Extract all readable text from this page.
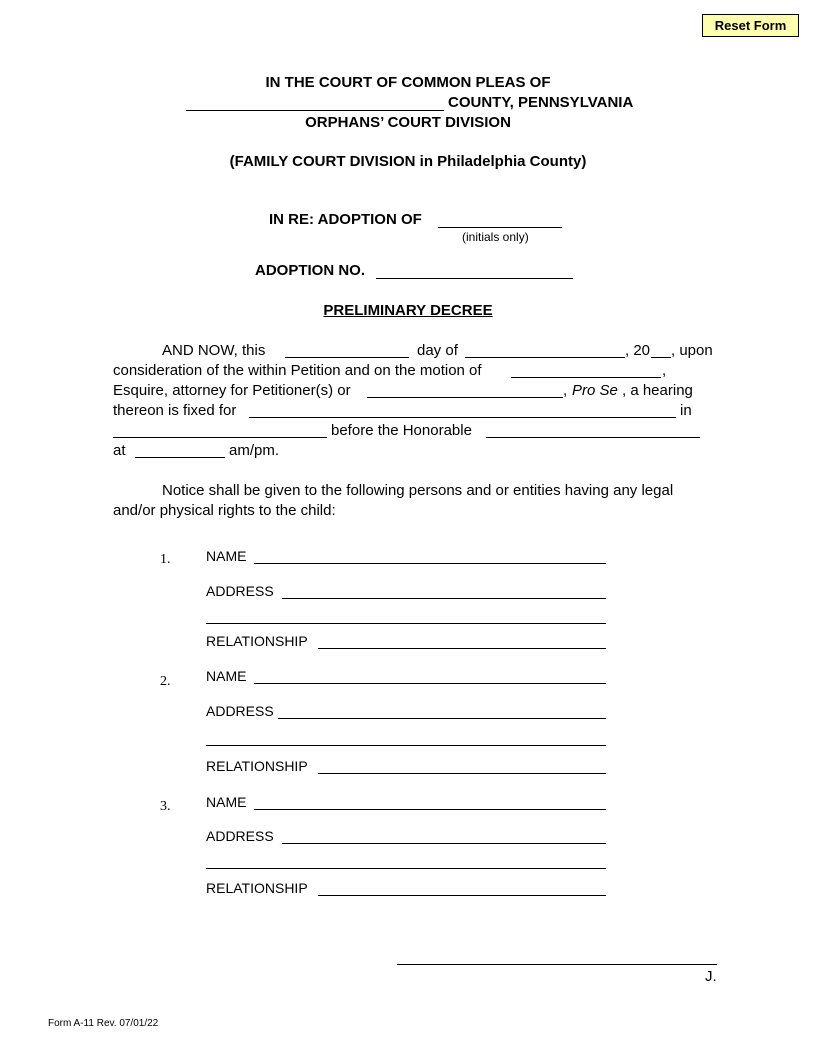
Reset Form
IN THE COURT OF COMMON PLEAS OF
COUNTY, PENNSYLVANIA
ORPHANS’ COURT DIVISION
(FAMILY COURT DIVISION in Philadelphia County)
IN RE: ADOPTION OF
(initials only)
ADOPTION NO.
PRELIMINARY DECREE
AND NOW, this	day of	, 20 , upon
consideration of the within Petition and on the motion of	,
Esquire, attorney for Petitioner(s) or	, Pro Se , a hearing
thereon is fixed for	in
before the Honorable
at	am/pm.
Notice shall be given to the following persons and or entities having any legal
and/or physical rights to the child:
1.	NAME
ADDRESS
RELATIONSHIP
2.	NAME
ADDRESS
RELATIONSHIP
3.	NAME
ADDRESS
RELATIONSHIP
J.
Form A-11 Rev. 07/01/22
